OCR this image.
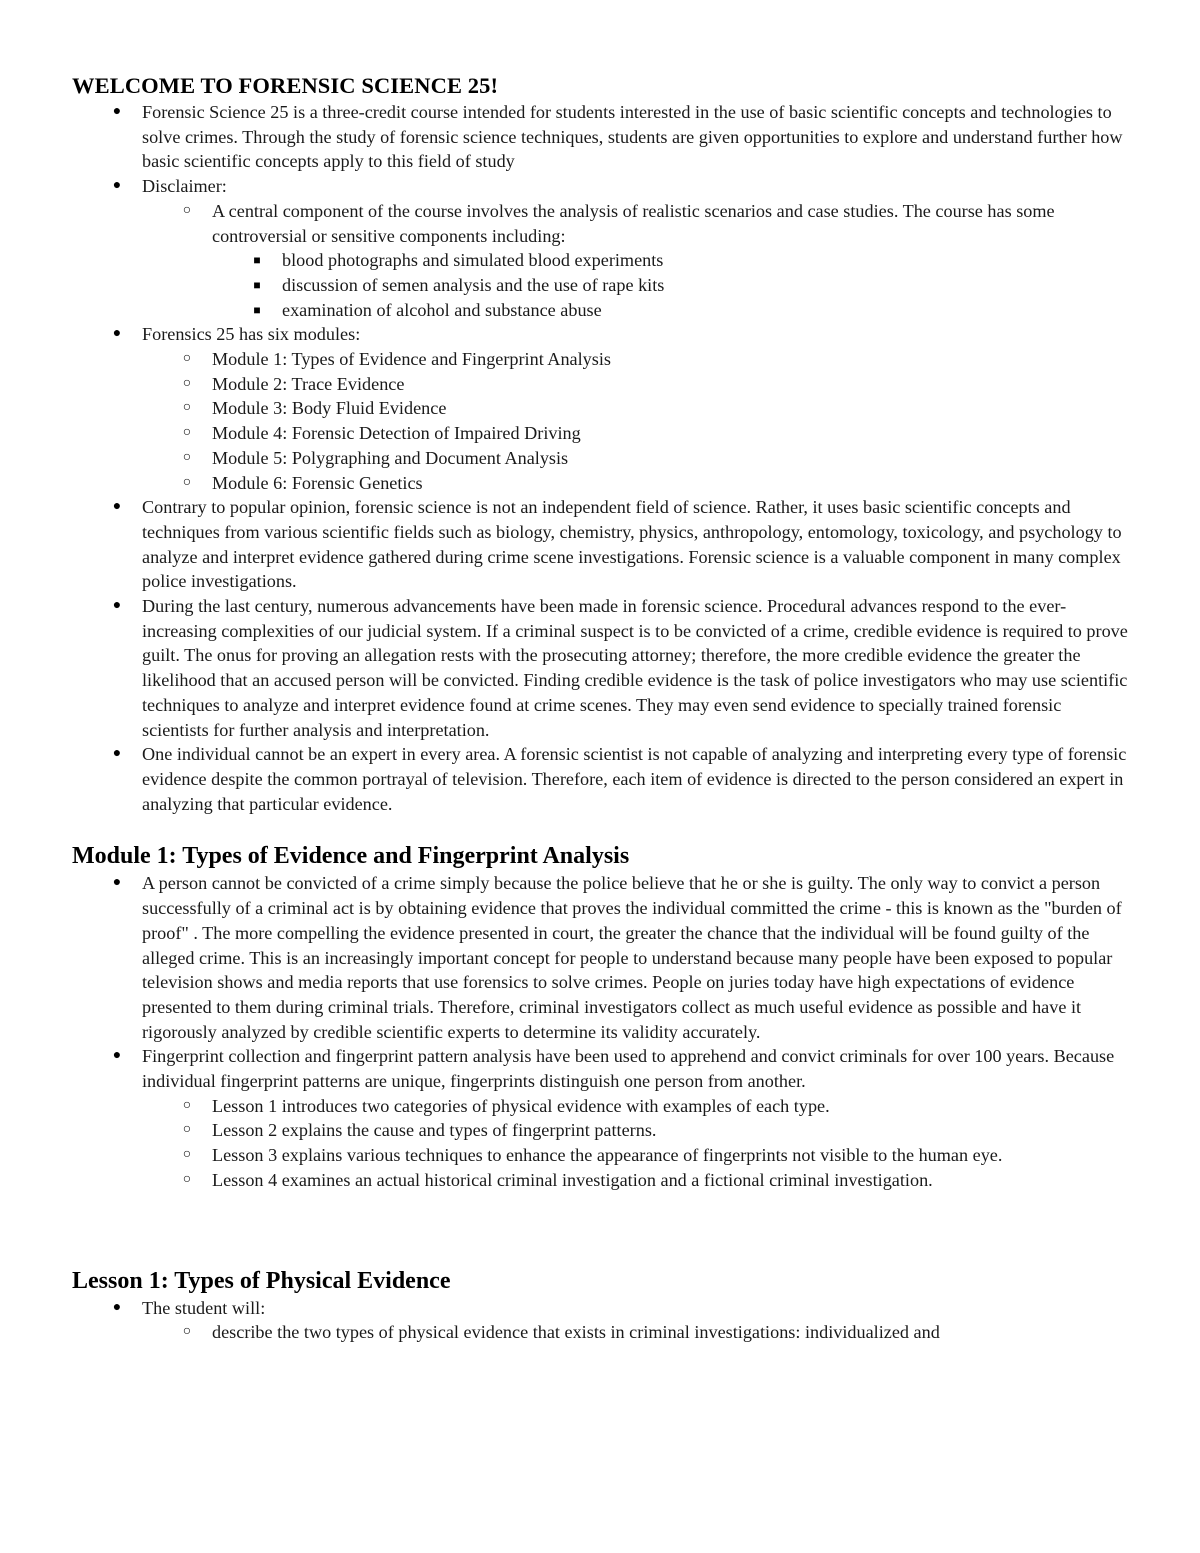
WELCOME TO FORENSIC SCIENCE 25!
●	Forensic Science 25 is a three-credit course intended for students interested in the use of basic scientific concepts and technologies to solve crimes. Through the study of forensic science techniques, students are given opportunities to explore and understand further how basic scientific concepts apply to this field of study
●	Disclaimer:
○	A central component of the course involves the analysis of realistic scenarios and case studies. The course has some controversial or sensitive components including:
■	blood photographs and simulated blood experiments
■	discussion of semen analysis and the use of rape kits
■	examination of alcohol and substance abuse
●	Forensics 25 has six modules:
○	Module 1: Types of Evidence and Fingerprint Analysis
○	Module 2: Trace Evidence
○	Module 3: Body Fluid Evidence
○	Module 4: Forensic Detection of Impaired Driving
○	Module 5: Polygraphing and Document Analysis
○	Module 6: Forensic Genetics
●	Contrary to popular opinion, forensic science is not an independent field of science. Rather, it uses basic scientific concepts and techniques from various scientific fields such as biology, chemistry, physics, anthropology, entomology, toxicology, and psychology to analyze and interpret evidence gathered during crime scene investigations. Forensic science is a valuable component in many complex police investigations.
●	During the last century, numerous advancements have been made in forensic science. Procedural advances respond to the ever-increasing complexities of our judicial system. If a criminal suspect is to be convicted of a crime, credible evidence is required to prove guilt. The onus for proving an allegation rests with the prosecuting attorney; therefore, the more credible evidence the greater the likelihood that an accused person will be convicted. Finding credible evidence is the task of police investigators who may use scientific techniques to analyze and interpret evidence found at crime scenes. They may even send evidence to specially trained forensic scientists for further analysis and interpretation.
●	One individual cannot be an expert in every area. A forensic scientist is not capable of analyzing and interpreting every type of forensic evidence despite the common portrayal of television. Therefore, each item of evidence is directed to the person considered an expert in analyzing that particular evidence.
Module 1: Types of Evidence and Fingerprint Analysis
●	A person cannot be convicted of a crime simply because the police believe that he or she is guilty. The only way to convict a person successfully of a criminal act is by obtaining evidence that proves the individual committed the crime - this is known as the "burden of proof" . The more compelling the evidence presented in court, the greater the chance that the individual will be found guilty of the alleged crime. This is an increasingly important concept for people to understand because many people have been exposed to popular television shows and media reports that use forensics to solve crimes. People on juries today have high expectations of evidence presented to them during criminal trials. Therefore, criminal investigators collect as much useful evidence as possible and have it rigorously analyzed by credible scientific experts to determine its validity accurately.
●	Fingerprint collection and fingerprint pattern analysis have been used to apprehend and convict criminals for over 100 years. Because individual fingerprint patterns are unique, fingerprints distinguish one person from another.
○	Lesson 1 introduces two categories of physical evidence with examples of each type.
○	Lesson 2 explains the cause and types of fingerprint patterns.
○	Lesson 3 explains various techniques to enhance the appearance of fingerprints not visible to the human eye.
○	Lesson 4 examines an actual historical criminal investigation and a fictional criminal investigation.
Lesson 1: Types of Physical Evidence
●	The student will:
○	describe the two types of physical evidence that exists in criminal investigations: individualized and
